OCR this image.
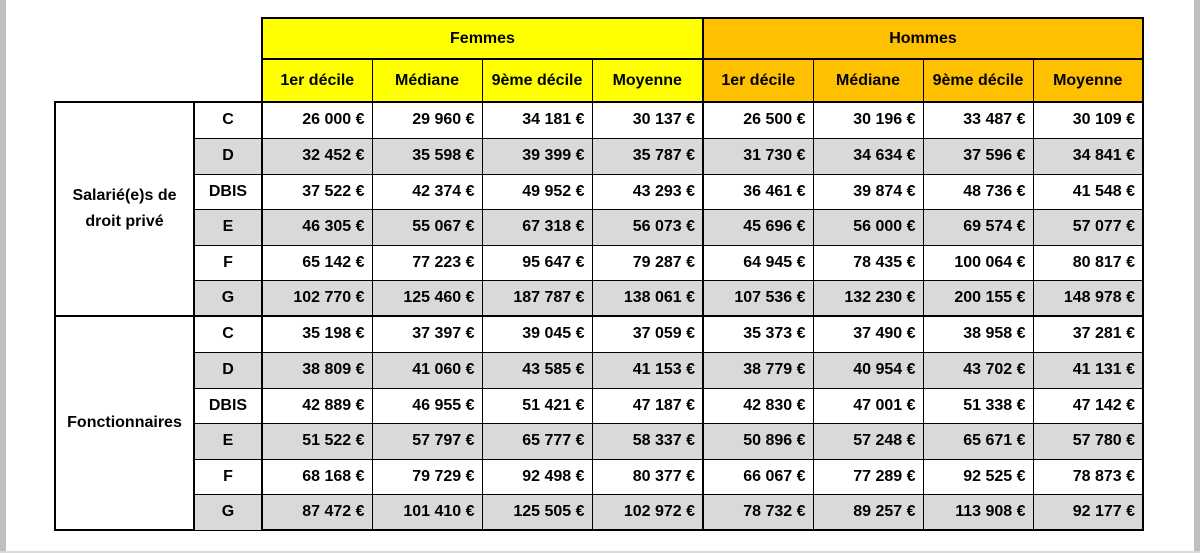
		Femmes				Hommes			
		1er décile	Médiane	9ème décile	Moyenne	1er décile	Médiane	9ème décile	Moyenne
Salarié(e)s de droit privé	C	26 000 €	29 960 €	34 181 €	30 137 €	26 500 €	30 196 €	33 487 €	30 109 €
	D	32 452 €	35 598 €	39 399 €	35 787 €	31 730 €	34 634 €	37 596 €	34 841 €
	DBIS	37 522 €	42 374 €	49 952 €	43 293 €	36 461 €	39 874 €	48 736 €	41 548 €
	E	46 305 €	55 067 €	67 318 €	56 073 €	45 696 €	56 000 €	69 574 €	57 077 €
	F	65 142 €	77 223 €	95 647 €	79 287 €	64 945 €	78 435 €	100 064 €	80 817 €
	G	102 770 €	125 460 €	187 787 €	138 061 €	107 536 €	132 230 €	200 155 €	148 978 €
Fonctionnaires	C	35 198 €	37 397 €	39 045 €	37 059 €	35 373 €	37 490 €	38 958 €	37 281 €
	D	38 809 €	41 060 €	43 585 €	41 153 €	38 779 €	40 954 €	43 702 €	41 131 €
	DBIS	42 889 €	46 955 €	51 421 €	47 187 €	42 830 €	47 001 €	51 338 €	47 142 €
	E	51 522 €	57 797 €	65 777 €	58 337 €	50 896 €	57 248 €	65 671 €	57 780 €
	F	68 168 €	79 729 €	92 498 €	80 377 €	66 067 €	77 289 €	92 525 €	78 873 €
	G	87 472 €	101 410 €	125 505 €	102 972 €	78 732 €	89 257 €	113 908 €	92 177 €
